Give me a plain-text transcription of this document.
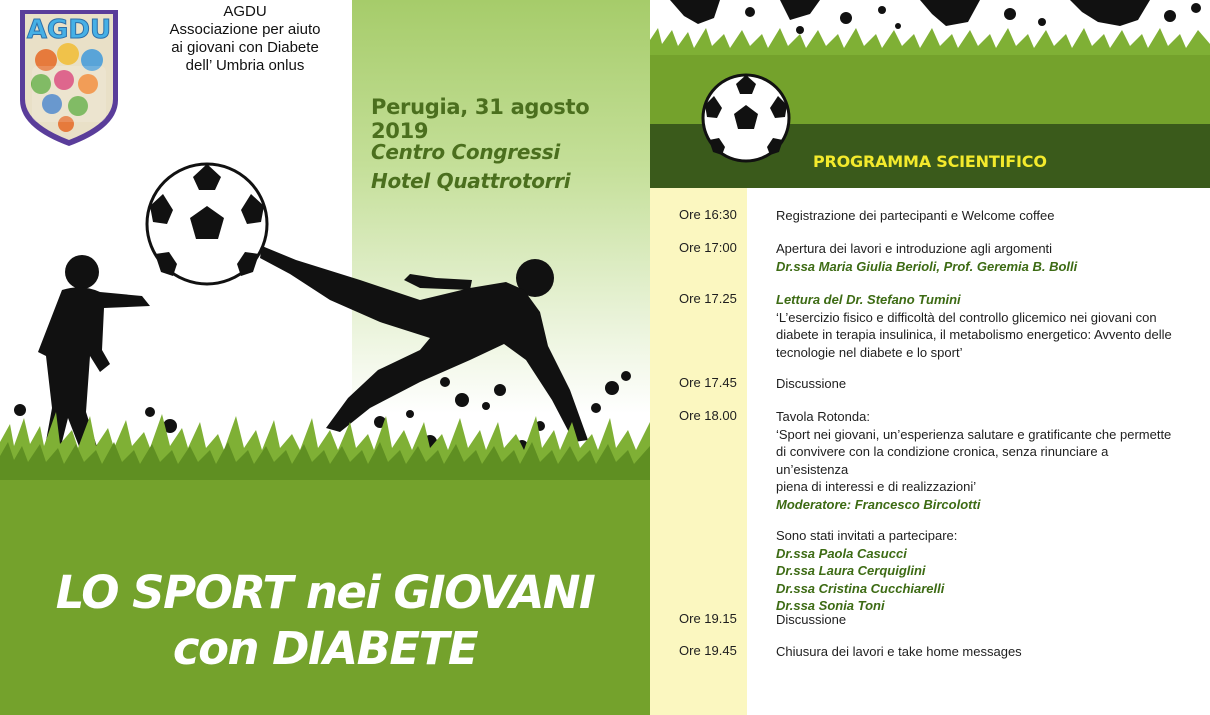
AGDU
AGDU
Associazione per aiuto
ai giovani con Diabete
dell’ Umbria onlus
Perugia, 31 agosto 2019
Centro Congressi
Hotel Quattrotorri
LO SPORT nei GIOVANI
con DIABETE
PROGRAMMA SCIENTIFICO
Ore 16:30	Registrazione dei partecipanti e Welcome coffee
Ore 17:00	Apertura dei lavori e introduzione agli argomenti
Dr.ssa Maria Giulia Berioli, Prof. Geremia B. Bolli
Ore 17.25	Lettura del Dr. Stefano Tumini
‘L’esercizio fisico e difficoltà del controllo glicemico nei giovani con
diabete in terapia insulinica, il metabolismo energetico: Avvento delle
tecnologie nel diabete e lo sport’
Ore 17.45	Discussione
Ore 18.00	Tavola Rotonda:
‘Sport nei giovani, un’esperienza salutare e gratificante che permette
di convivere con la condizione cronica, senza rinunciare a un’esistenza
piena di interessi e di realizzazioni’
Moderatore: Francesco Bircolotti
Sono stati invitati a partecipare:
Dr.ssa Paola Casucci
Dr.ssa Laura Cerquiglini
Dr.ssa Cristina Cucchiarelli
Dr.ssa Sonia Toni
Ore 19.15	Discussione
Ore 19.45	Chiusura dei lavori e take home messages
